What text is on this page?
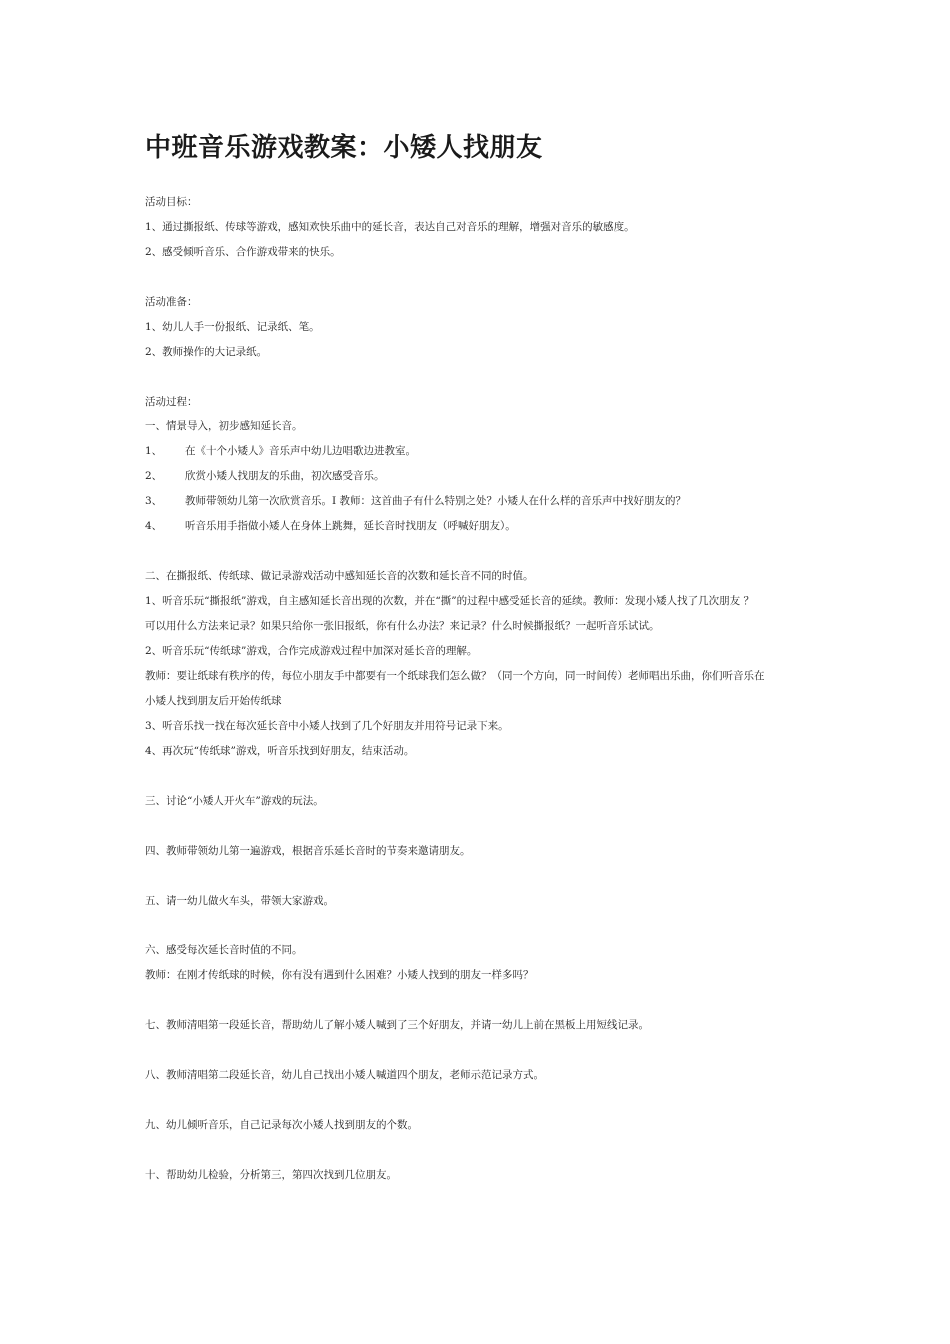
中班音乐游戏教案：小矮人找朋友
活动目标：
1、通过撕报纸、传球等游戏，感知欢快乐曲中的延长音，表达自己对音乐的理解，增强对音乐的敏感度。
2、感受倾听音乐、合作游戏带来的快乐。
活动准备：
1、幼儿人手一份报纸、记录纸、笔。
2、教师操作的大记录纸。
活动过程：
一、情景导入，初步感知延长音。
1、 在《十个小矮人》音乐声中幼儿边唱歌边进教室。
2、 欣赏小矮人找朋友的乐曲，初次感受音乐。
3、 教师带领幼儿第一次欣赏音乐。I 教师：这首曲子有什么特别之处？小矮人在什么样的音乐声中找好朋友的？
4、 听音乐用手指做小矮人在身体上跳舞，延长音时找朋友（呼喊好朋友）。
二、在撕报纸、传纸球、做记录游戏活动中感知延长音的次数和延长音不同的时值。
1、听音乐玩“撕报纸”游戏，自主感知延长音出现的次数，并在“撕”的过程中感受延长音的延续。教师：发现小矮人找了几次朋友 ？
可以用什么方法来记录？如果只给你一张旧报纸，你有什么办法？来记录？什么时候撕报纸？一起听音乐试试。
2、听音乐玩“传纸球”游戏，合作完成游戏过程中加深对延长音的理解。
教师：要让纸球有秩序的传，每位小朋友手中都要有一个纸球我们怎么做？（同一个方向，同一时间传）老师唱出乐曲，你们听音乐在
小矮人找到朋友后开始传纸球
3、听音乐找一找在每次延长音中小矮人找到了几个好朋友并用符号记录下来。
4、再次玩“传纸球”游戏，听音乐找到好朋友，结束活动。
三、讨论“小矮人开火车”游戏的玩法。
四、教师带领幼儿第一遍游戏，根据音乐延长音时的节奏来邀请朋友。
五、请一幼儿做火车头，带领大家游戏。
六、感受每次延长音时值的不同。
教师：在刚才传纸球的时候，你有没有遇到什么困难？小矮人找到的朋友一样多吗？
七、教师清唱第一段延长音，帮助幼儿了解小矮人喊到了三个好朋友，并请一幼儿上前在黑板上用短线记录。
八、教师清唱第二段延长音，幼儿自己找出小矮人喊道四个朋友，老师示范记录方式。
九、幼儿倾听音乐，自己记录每次小矮人找到朋友的个数。
十、帮助幼儿检验，分析第三，第四次找到几位朋友。
